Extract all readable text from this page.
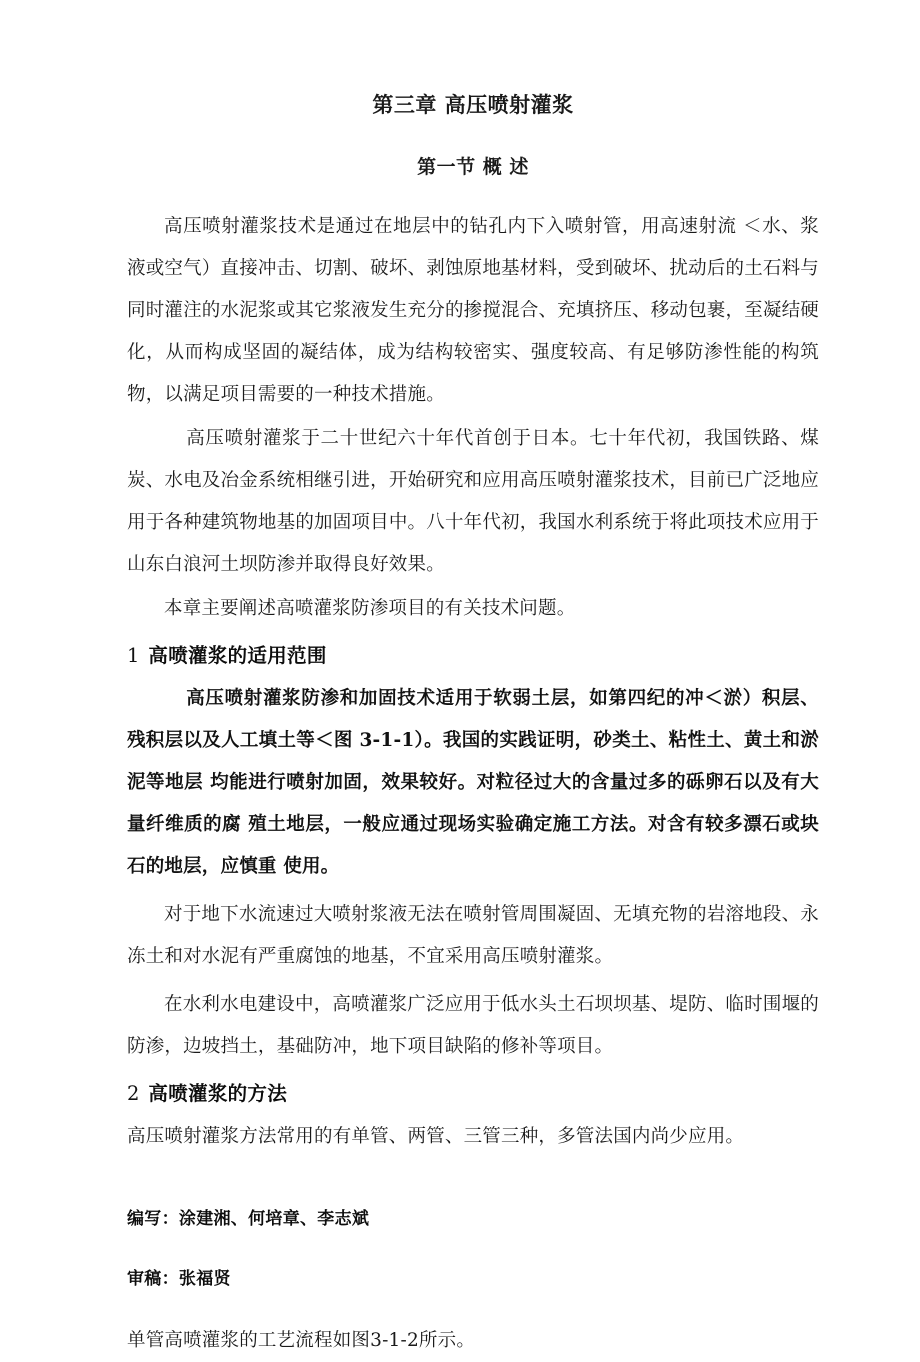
第三章 高压喷射灌浆
第一节 概 述

高压喷射灌浆技术是通过在地层中的钻孔内下入喷射管，用高速射流 ＜水、浆液或空气）直接冲击、切割、破坏、剥蚀原地基材料，受到破坏、扰动后的土石料与同时灌注的水泥浆或其它浆液发生充分的掺搅混合、充填挤压、移动包裹，至凝结硬化，从而构成坚固的凝结体，成为结构较密实、强度较高、有足够防渗性能的构筑物，以满足项目需要的一种技术措施。

高压喷射灌浆于二十世纪六十年代首创于日本。七十年代初，我国铁路、煤炭、水电及冶金系统相继引进，开始研究和应用高压喷射灌浆技术，目前已广泛地应用于各种建筑物地基的加固项目中。八十年代初，我国水利系统于将此项技术应用于山东白浪河土坝防渗并取得良好效果。

本章主要阐述高喷灌浆防渗项目的有关技术问题。

1 高喷灌浆的适用范围

高压喷射灌浆防渗和加固技术适用于软弱土层，如第四纪的冲＜淤）积层、残积层以及人工填土等＜图 3-1-1）。我国的实践证明，砂类土、粘性土、黄土和淤泥等地层 均能进行喷射加固，效果较好。对粒径过大的含量过多的砾卵石以及有大量纤维质的腐 殖土地层，一般应通过现场实验确定施工方法。对含有较多漂石或块石的地层，应慎重 使用。

对于地下水流速过大喷射浆液无法在喷射管周围凝固、无填充物的岩溶地段、永冻土和对水泥有严重腐蚀的地基，不宜采用高压喷射灌浆。

在水利水电建设中，高喷灌浆广泛应用于低水头土石坝坝基、堤防、临时围堰的防渗，边坡挡土，基础防冲，地下项目缺陷的修补等项目。

2 高喷灌浆的方法

高压喷射灌浆方法常用的有单管、两管、三管三种，多管法国内尚少应用。

编写：涂建湘、何培章、李志斌

审稿：张福贤

单管高喷灌浆的工艺流程如图3-1-2所示。
